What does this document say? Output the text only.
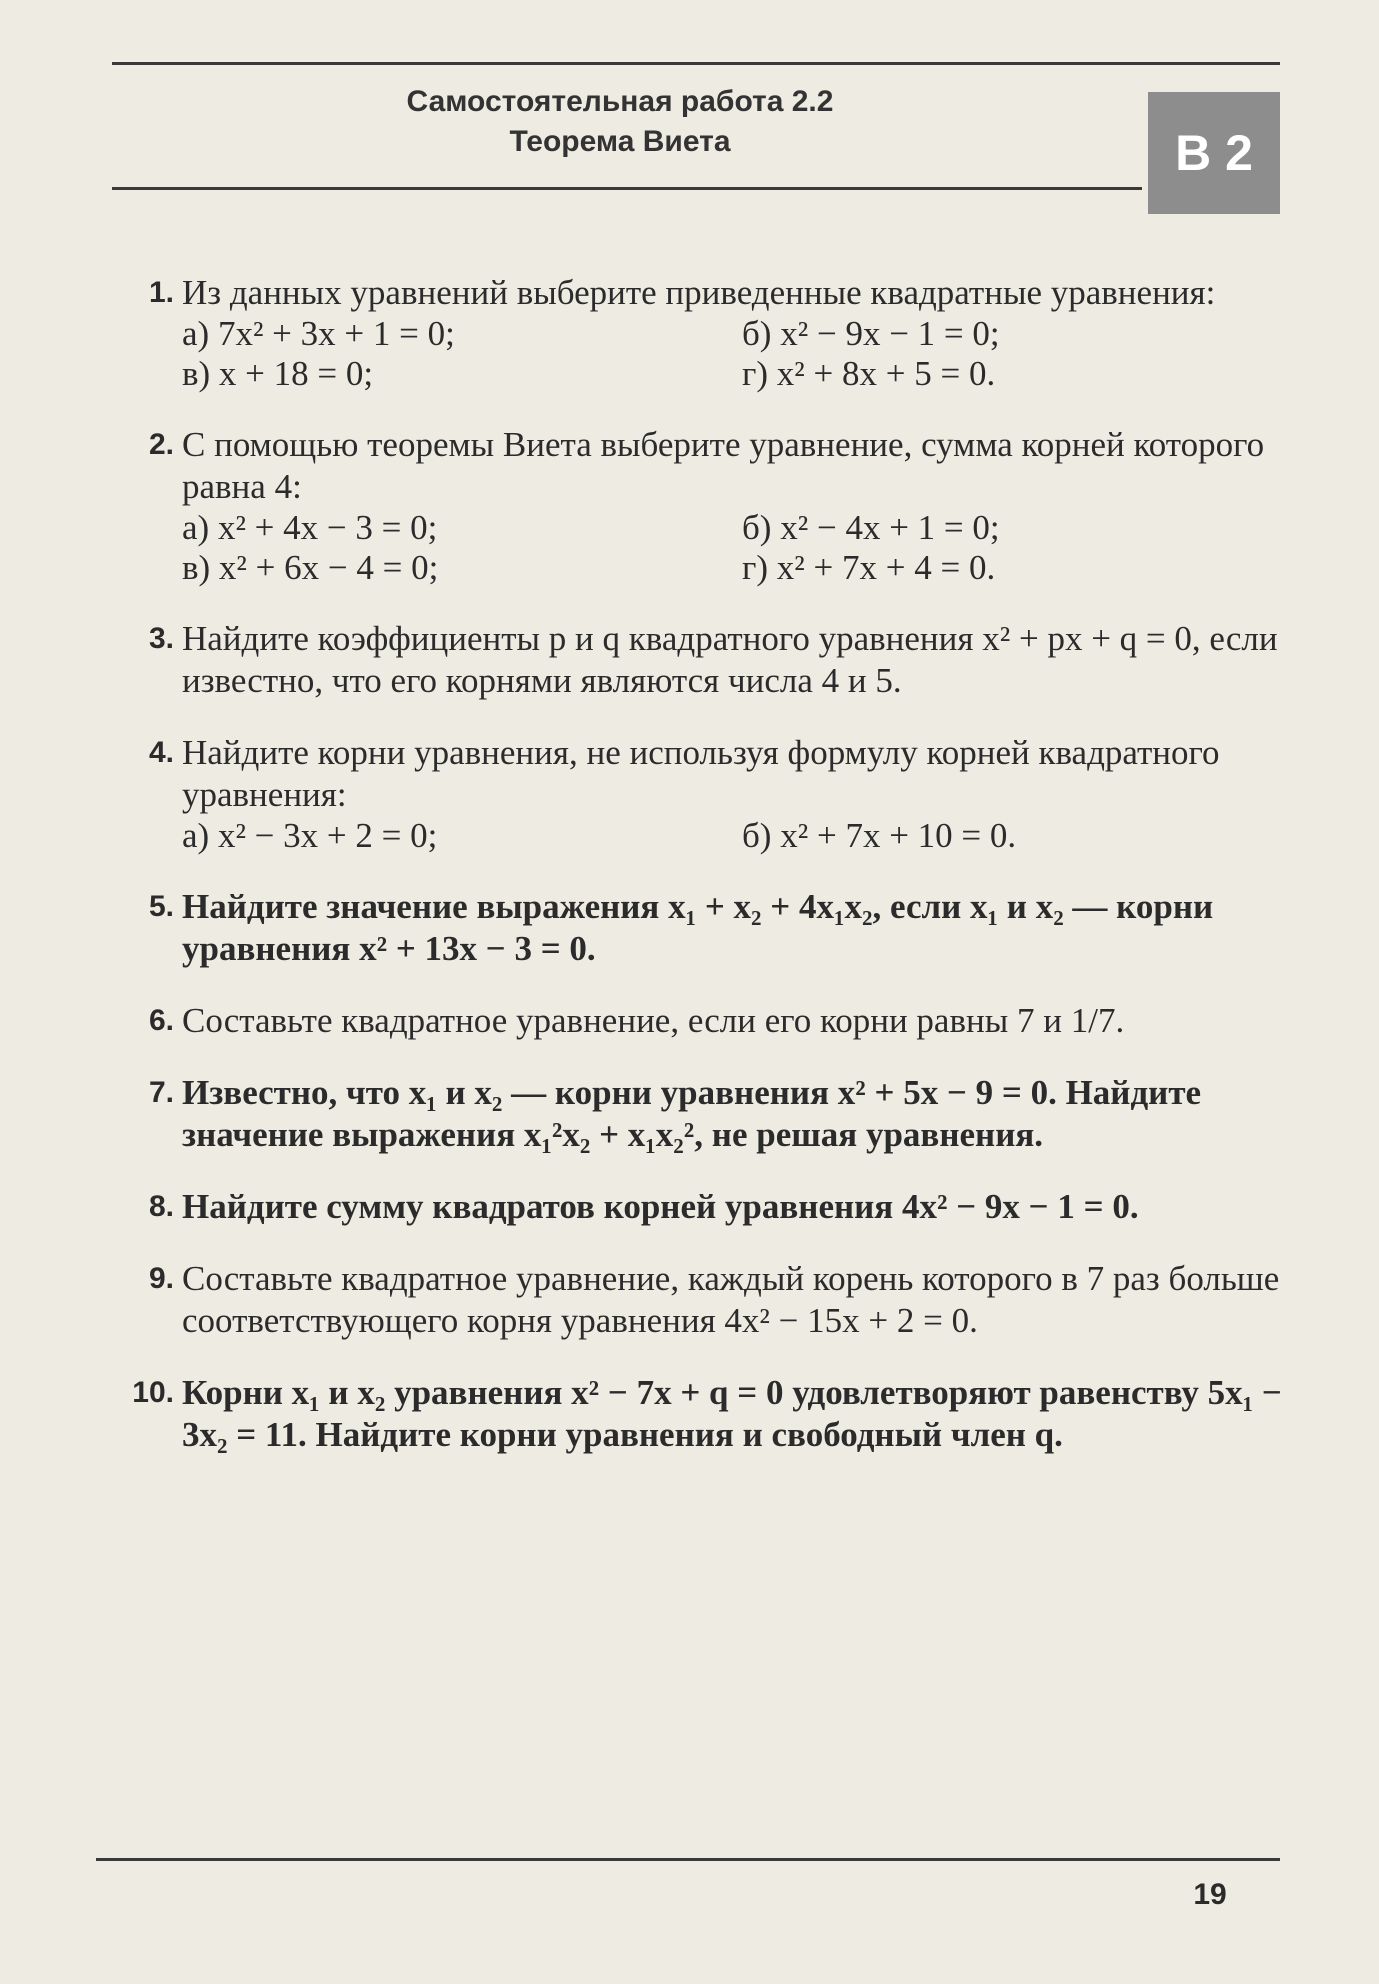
Самостоятельная работа 2.2
Теорема Виета	В 2
1. Из данных уравнений выберите приведенные квадратные уравнения:
а) 7x² + 3x + 1 = 0;	б) x² − 9x − 1 = 0;
в) x + 18 = 0;	г) x² + 8x + 5 = 0.
2. С помощью теоремы Виета выберите уравнение, сумма корней которого равна 4:
а) x² + 4x − 3 = 0;	б) x² − 4x + 1 = 0;
в) x² + 6x − 4 = 0;	г) x² + 7x + 4 = 0.
3. Найдите коэффициенты p и q квадратного уравнения x² + px + q = 0, если известно, что его корнями являются числа 4 и 5.
4. Найдите корни уравнения, не используя формулу корней квадратного уравнения:
а) x² − 3x + 2 = 0;	б) x² + 7x + 10 = 0.
5. Найдите значение выражения x₁ + x₂ + 4x₁x₂, если x₁ и x₂ — корни уравнения x² + 13x − 3 = 0.
6. Составьте квадратное уравнение, если его корни равны 7 и 1/7.
7. Известно, что x₁ и x₂ — корни уравнения x² + 5x − 9 = 0. Найдите значение выражения x₁²x₂ + x₁x₂², не решая уравнения.
8. Найдите сумму квадратов корней уравнения 4x² − 9x − 1 = 0.
9. Составьте квадратное уравнение, каждый корень которого в 7 раз больше соответствующего корня уравнения 4x² − 15x + 2 = 0.
10. Корни x₁ и x₂ уравнения x² − 7x + q = 0 удовлетворяют равенству 5x₁ − 3x₂ = 11. Найдите корни уравнения и свободный член q.
19
